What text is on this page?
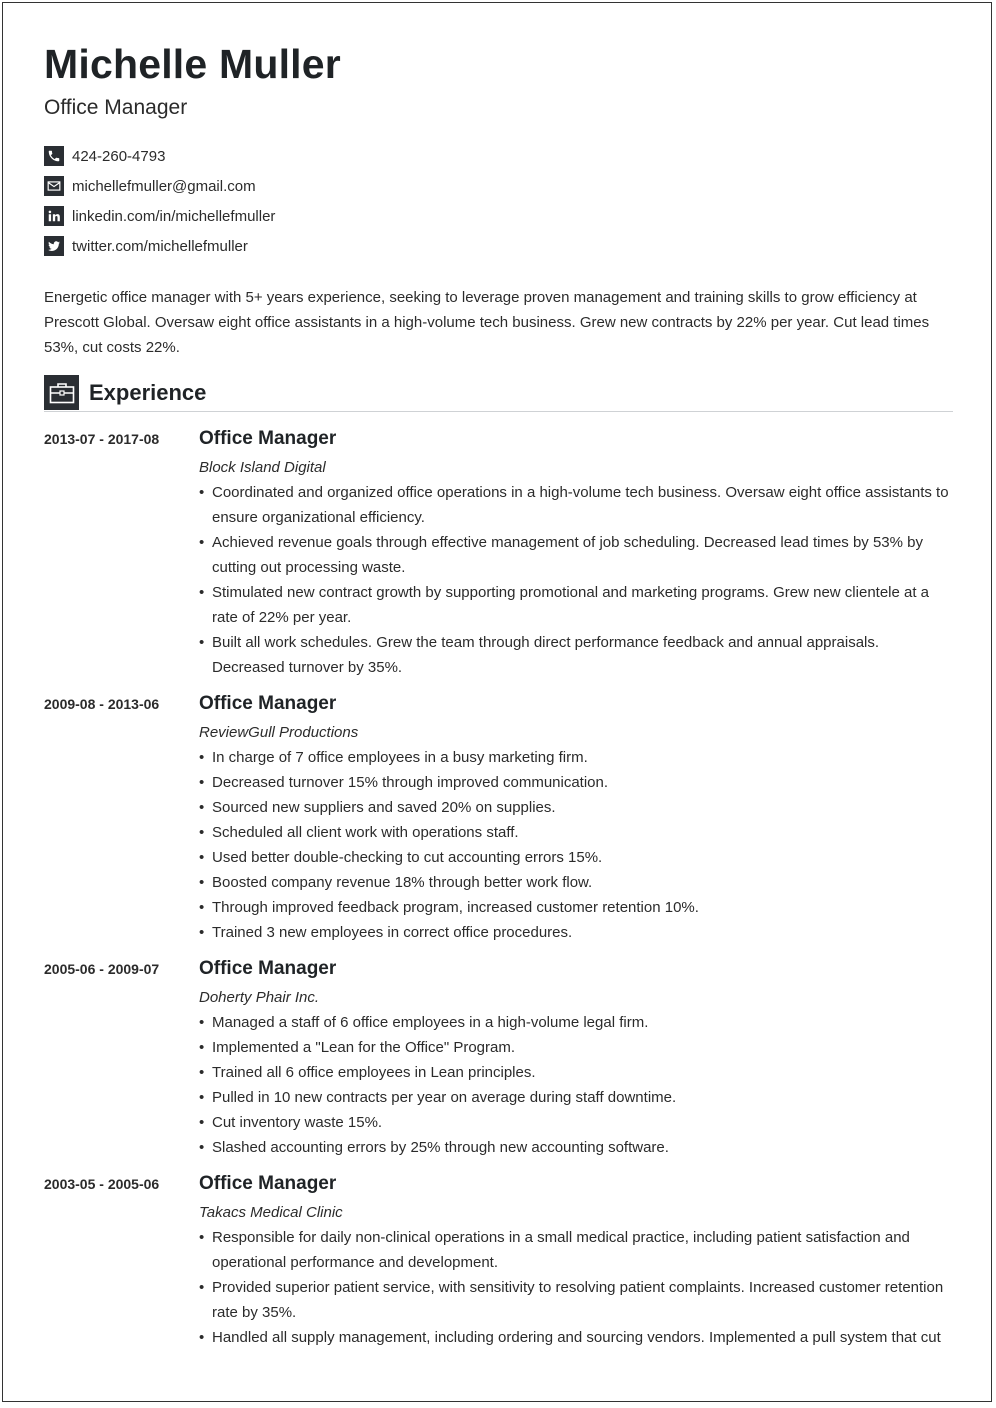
Michelle Muller
Office Manager
424-260-4793
michellefmuller@gmail.com
linkedin.com/in/michellefmuller
twitter.com/michellefmuller
Energetic office manager with 5+ years experience, seeking to leverage proven management and training skills to grow efficiency at Prescott Global. Oversaw eight office assistants in a high-volume tech business. Grew new contracts by 22% per year. Cut lead times 53%, cut costs 22%.
Experience
2013-07 - 2017-08 Office Manager
Block Island Digital
• Coordinated and organized office operations in a high-volume tech business. Oversaw eight office assistants to ensure organizational efficiency.
• Achieved revenue goals through effective management of job scheduling. Decreased lead times by 53% by cutting out processing waste.
• Stimulated new contract growth by supporting promotional and marketing programs. Grew new clientele at a rate of 22% per year.
• Built all work schedules. Grew the team through direct performance feedback and annual appraisals. Decreased turnover by 35%.
2009-08 - 2013-06 Office Manager
ReviewGull Productions
• In charge of 7 office employees in a busy marketing firm.
• Decreased turnover 15% through improved communication.
• Sourced new suppliers and saved 20% on supplies.
• Scheduled all client work with operations staff.
• Used better double-checking to cut accounting errors 15%.
• Boosted company revenue 18% through better work flow.
• Through improved feedback program, increased customer retention 10%.
• Trained 3 new employees in correct office procedures.
2005-06 - 2009-07 Office Manager
Doherty Phair Inc.
• Managed a staff of 6 office employees in a high-volume legal firm.
• Implemented a "Lean for the Office" Program.
• Trained all 6 office employees in Lean principles.
• Pulled in 10 new contracts per year on average during staff downtime.
• Cut inventory waste 15%.
• Slashed accounting errors by 25% through new accounting software.
2003-05 - 2005-06 Office Manager
Takacs Medical Clinic
• Responsible for daily non-clinical operations in a small medical practice, including patient satisfaction and operational performance and development.
• Provided superior patient service, with sensitivity to resolving patient complaints. Increased customer retention rate by 35%.
• Handled all supply management, including ordering and sourcing vendors. Implemented a pull system that cut
